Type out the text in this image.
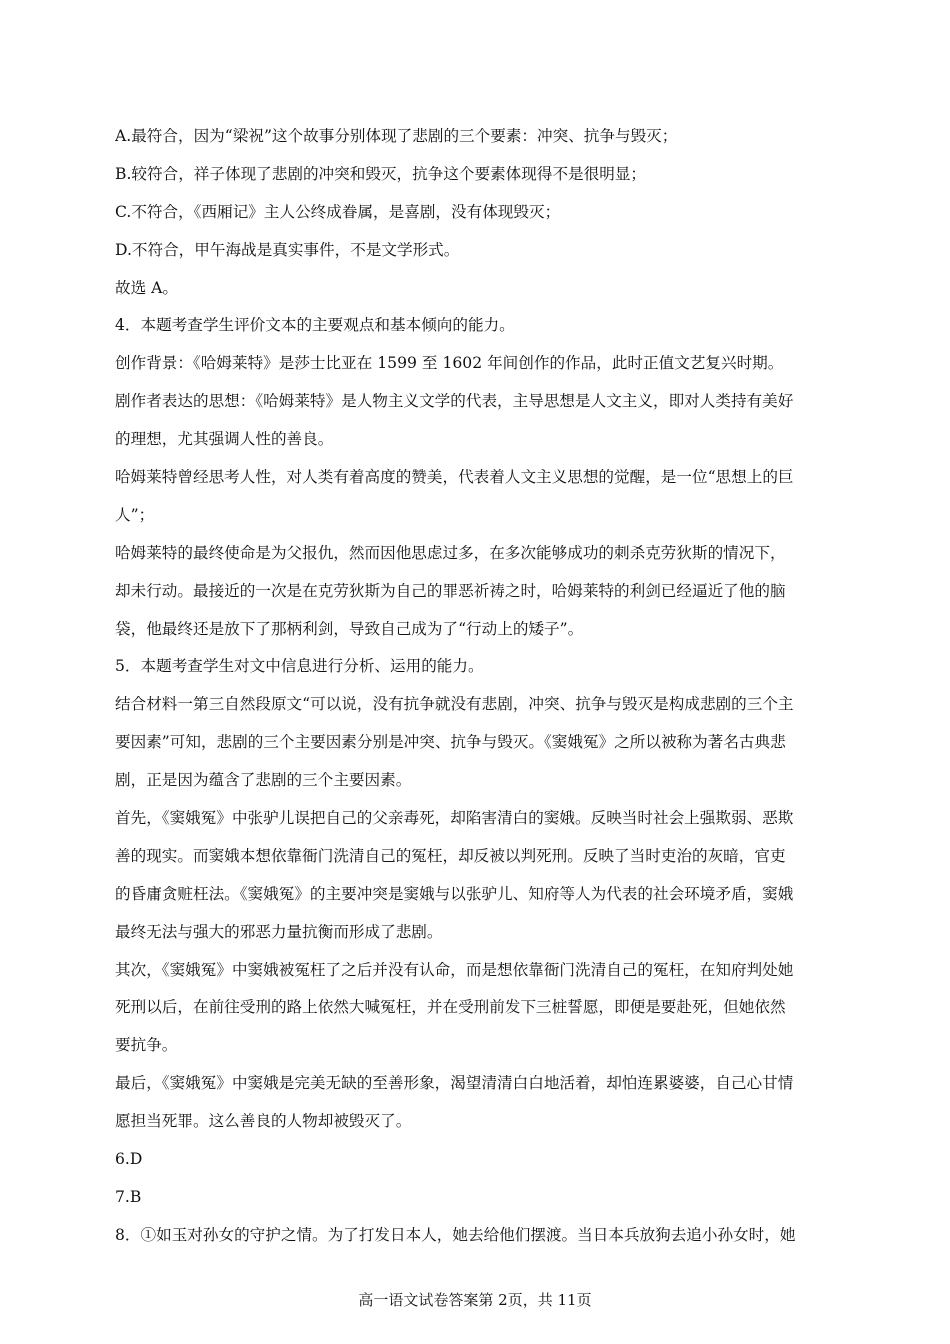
A.最符合，因为“梁祝”这个故事分别体现了悲剧的三个要素：冲突、抗争与毁灭；
B.较符合，祥子体现了悲剧的冲突和毁灭，抗争这个要素体现得不是很明显；
C.不符合，《西厢记》主人公终成眷属，是喜剧，没有体现毁灭；
D.不符合，甲午海战是真实事件，不是文学形式。
故选 A。
4．本题考查学生评价文本的主要观点和基本倾向的能力。
创作背景：《哈姆莱特》是莎士比亚在 1599 至 1602 年间创作的作品，此时正值文艺复兴时期。
剧作者表达的思想：《哈姆莱特》是人物主义文学的代表，主导思想是人文主义，即对人类持有美好
的理想，尤其强调人性的善良。
哈姆莱特曾经思考人性，对人类有着高度的赞美，代表着人文主义思想的觉醒，是一位“思想上的巨
人”；
哈姆莱特的最终使命是为父报仇，然而因他思虑过多，在多次能够成功的刺杀克劳狄斯的情况下，
却未行动。最接近的一次是在克劳狄斯为自己的罪恶祈祷之时，哈姆莱特的利剑已经逼近了他的脑
袋，他最终还是放下了那柄利剑，导致自己成为了“行动上的矮子”。
5．本题考查学生对文中信息进行分析、运用的能力。
结合材料一第三自然段原文“可以说，没有抗争就没有悲剧，冲突、抗争与毁灭是构成悲剧的三个主
要因素”可知，悲剧的三个主要因素分别是冲突、抗争与毁灭。《窦娥冤》之所以被称为著名古典悲
剧，正是因为蕴含了悲剧的三个主要因素。
首先，《窦娥冤》中张驴儿误把自己的父亲毒死，却陷害清白的窦娥。反映当时社会上强欺弱、恶欺
善的现实。而窦娥本想依靠衙门洗清自己的冤枉，却反被以判死刑。反映了当时吏治的灰暗，官吏
的昏庸贪赃枉法。《窦娥冤》的主要冲突是窦娥与以张驴儿、知府等人为代表的社会环境矛盾，窦娥
最终无法与强大的邪恶力量抗衡而形成了悲剧。
其次，《窦娥冤》中窦娥被冤枉了之后并没有认命，而是想依靠衙门洗清自己的冤枉，在知府判处她
死刑以后，在前往受刑的路上依然大喊冤枉，并在受刑前发下三桩誓愿，即便是要赴死，但她依然
要抗争。
最后，《窦娥冤》中窦娥是完美无缺的至善形象，渴望清清白白地活着，却怕连累婆婆，自己心甘情
愿担当死罪。这么善良的人物却被毁灭了。
6.D
7.B
8．①如玉对孙女的守护之情。为了打发日本人，她去给他们摆渡。当日本兵放狗去追小孙女时，她
高一语文试卷答案第 2页，共 11页
